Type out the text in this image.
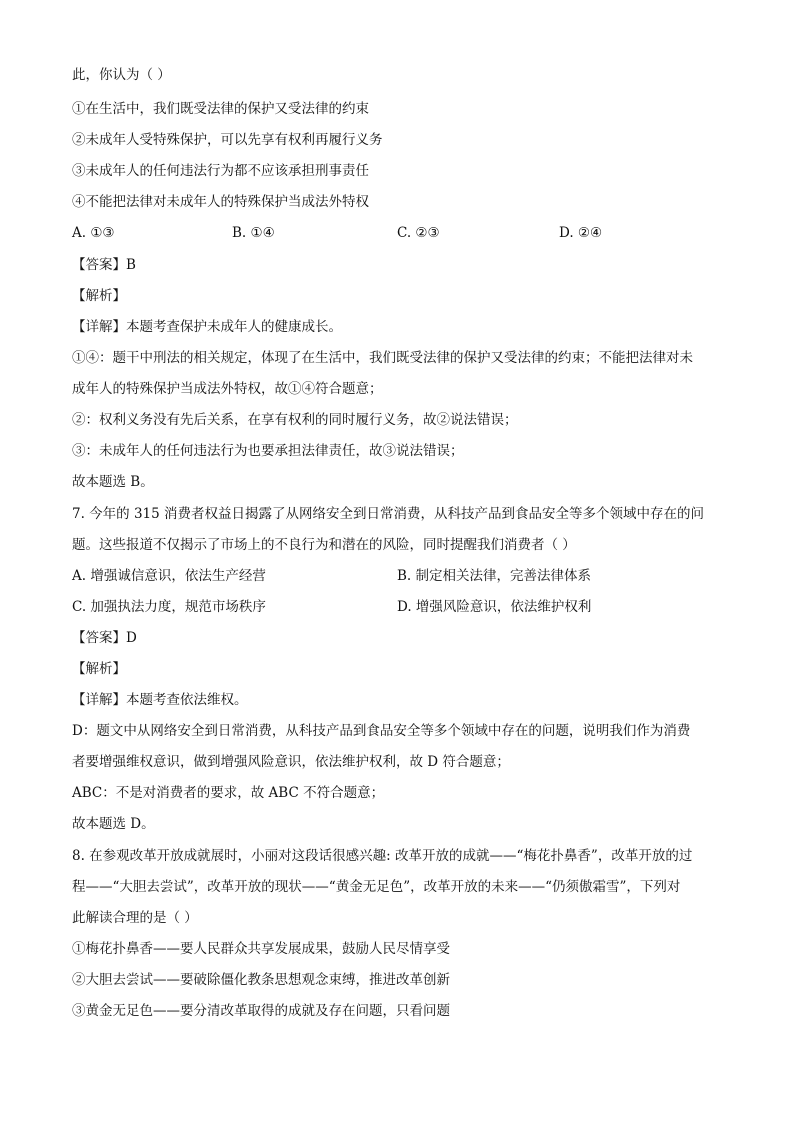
此，你认为（ ）
①在生活中，我们既受法律的保护又受法律的约束
②未成年人受特殊保护，可以先享有权利再履行义务
③未成年人的任何违法行为都不应该承担刑事责任
④不能把法律对未成年人的特殊保护当成法外特权
A. ①③	B. ①④	C. ②③	D. ②④
【答案】B
【解析】
【详解】本题考查保护未成年人的健康成长。
①④：题干中刑法的相关规定，体现了在生活中，我们既受法律的保护又受法律的约束；不能把法律对未
成年人的特殊保护当成法外特权，故①④符合题意；
②：权利义务没有先后关系，在享有权利的同时履行义务，故②说法错误；
③：未成年人的任何违法行为也要承担法律责任，故③说法错误；
故本题选 B。
7. 今年的 315 消费者权益日揭露了从网络安全到日常消费，从科技产品到食品安全等多个领域中存在的问
题。这些报道不仅揭示了市场上的不良行为和潜在的风险，同时提醒我们消费者（ ）
A. 增强诚信意识，依法生产经营	B. 制定相关法律，完善法律体系
C. 加强执法力度，规范市场秩序	D. 增强风险意识，依法维护权利
【答案】D
【解析】
【详解】本题考查依法维权。
D：题文中从网络安全到日常消费，从科技产品到食品安全等多个领域中存在的问题，说明我们作为消费
者要增强维权意识，做到增强风险意识，依法维护权利，故 D 符合题意；
ABC：不是对消费者的要求，故 ABC 不符合题意；
故本题选 D。
8. 在参观改革开放成就展时，小丽对这段话很感兴趣: 改革开放的成就——“梅花扑鼻香”，改革开放的过
程——“大胆去尝试”，改革开放的现状——“黄金无足色”，改革开放的未来——“仍须傲霜雪”，下列对
此解读合理的是（ ）
①梅花扑鼻香——要人民群众共享发展成果，鼓励人民尽情享受
②大胆去尝试——要破除僵化教条思想观念束缚，推进改革创新
③黄金无足色——要分清改革取得的成就及存在问题，只看问题
